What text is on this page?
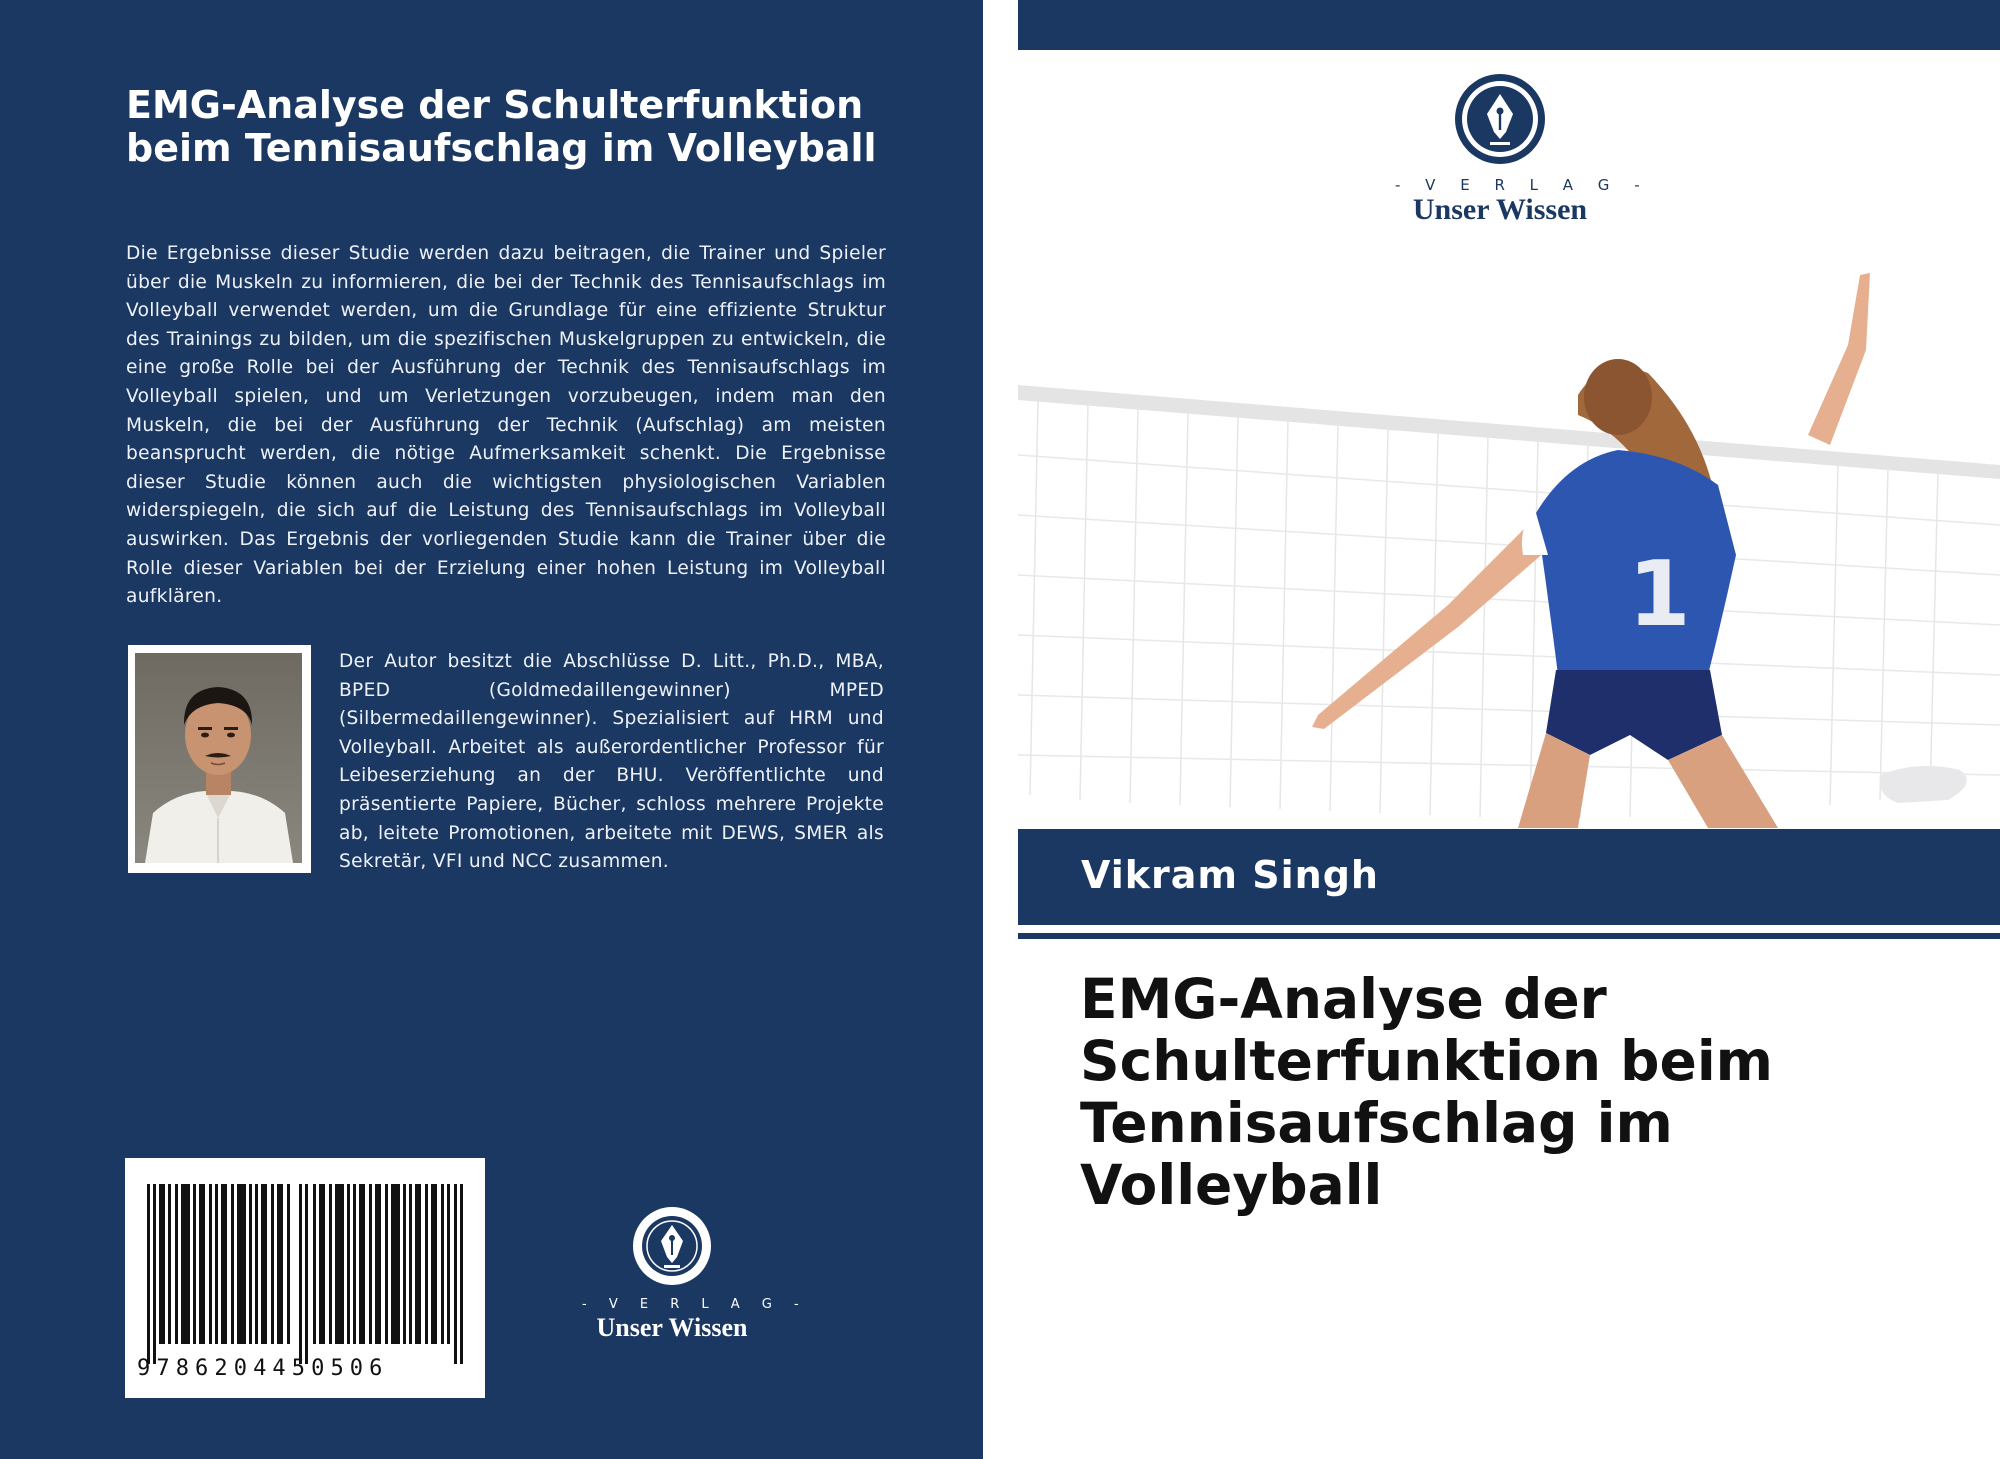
EMG-Analyse der Schulterfunktion beim Tennisaufschlag im Volleyball
Die Ergebnisse dieser Studie werden dazu beitragen, die Trainer und Spieler über die Muskeln zu informieren, die bei der Technik des Tennisaufschlags im Volleyball verwendet werden, um die Grundlage für eine effiziente Struktur des Trainings zu bilden, um die spezifischen Muskelgruppen zu entwickeln, die eine große Rolle bei der Ausführung der Technik des Tennisaufschlags im Volleyball spielen, und um Verletzungen vorzubeugen, indem man den Muskeln, die bei der Ausführung der Technik (Aufschlag) am meisten beansprucht werden, die nötige Aufmerksamkeit schenkt. Die Ergebnisse dieser Studie können auch die wichtigsten physiologischen Variablen widerspiegeln, die sich auf die Leistung des Tennisaufschlags im Volleyball auswirken. Das Ergebnis der vorliegenden Studie kann die Trainer über die Rolle dieser Variablen bei der Erzielung einer hohen Leistung im Volleyball aufklären.
Der Autor besitzt die Abschlüsse D. Litt., Ph.D., MBA, BPED (Goldmedaillengewinner) MPED (Silbermedaillengewinner). Spezialisiert auf HRM und Volleyball. Arbeitet als außerordentlicher Professor für Leibeserziehung an der BHU. Veröffentlichte und präsentierte Papiere, Bücher, schloss mehrere Projekte ab, leitete Promotionen, arbeitete mit DEWS, SMER als Sekretär, VFI und NCC zusammen.
9786204450506
- V E R L A G -
Unser Wissen
- V E R L A G -
Unser Wissen
1
Vikram Singh
EMG-Analyse der Schulterfunktion beim Tennisaufschlag im Volleyball
